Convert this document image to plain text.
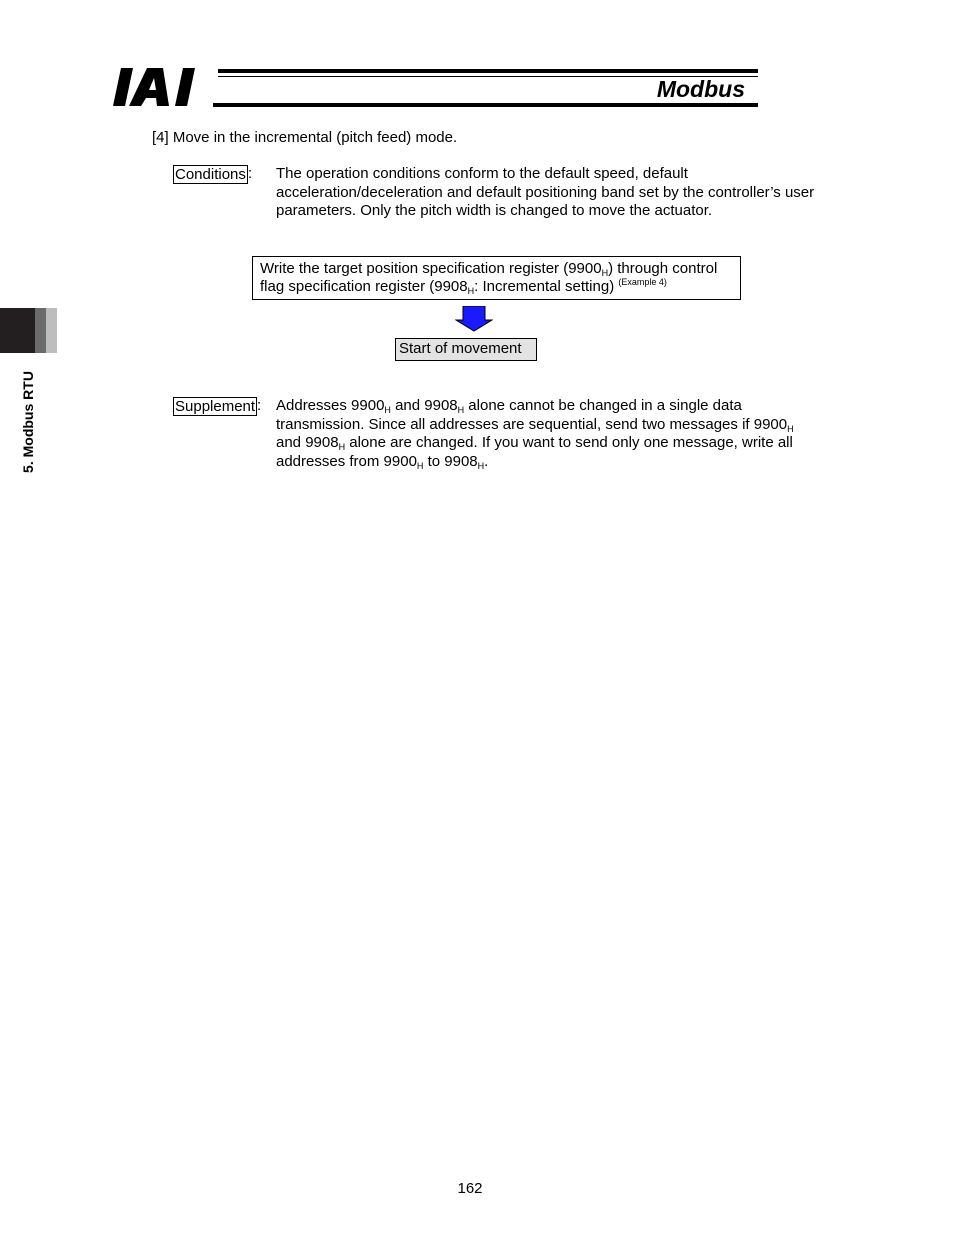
Modbus
5. Modbus RTU
[4] Move in the incremental (pitch feed) mode.
Conditions : The operation conditions conform to the default speed, default acceleration/deceleration and default positioning band set by the controller’s user parameters. Only the pitch width is changed to move the actuator.
Write the target position specification register $(9900_H)$ through control
flag specification register ($9908_H$: Incremental setting) $^{(Example 4)}$
Start of movement
Supplement : Addresses $9900_H$ and $9908_H$ alone cannot be changed in a single data transmission. Since all addresses are sequential, send two messages if $9900_H$ and $9908_H$ alone are changed. If you want to send only one message, write all addresses from $9900_H$ to $9908_H$.
162
